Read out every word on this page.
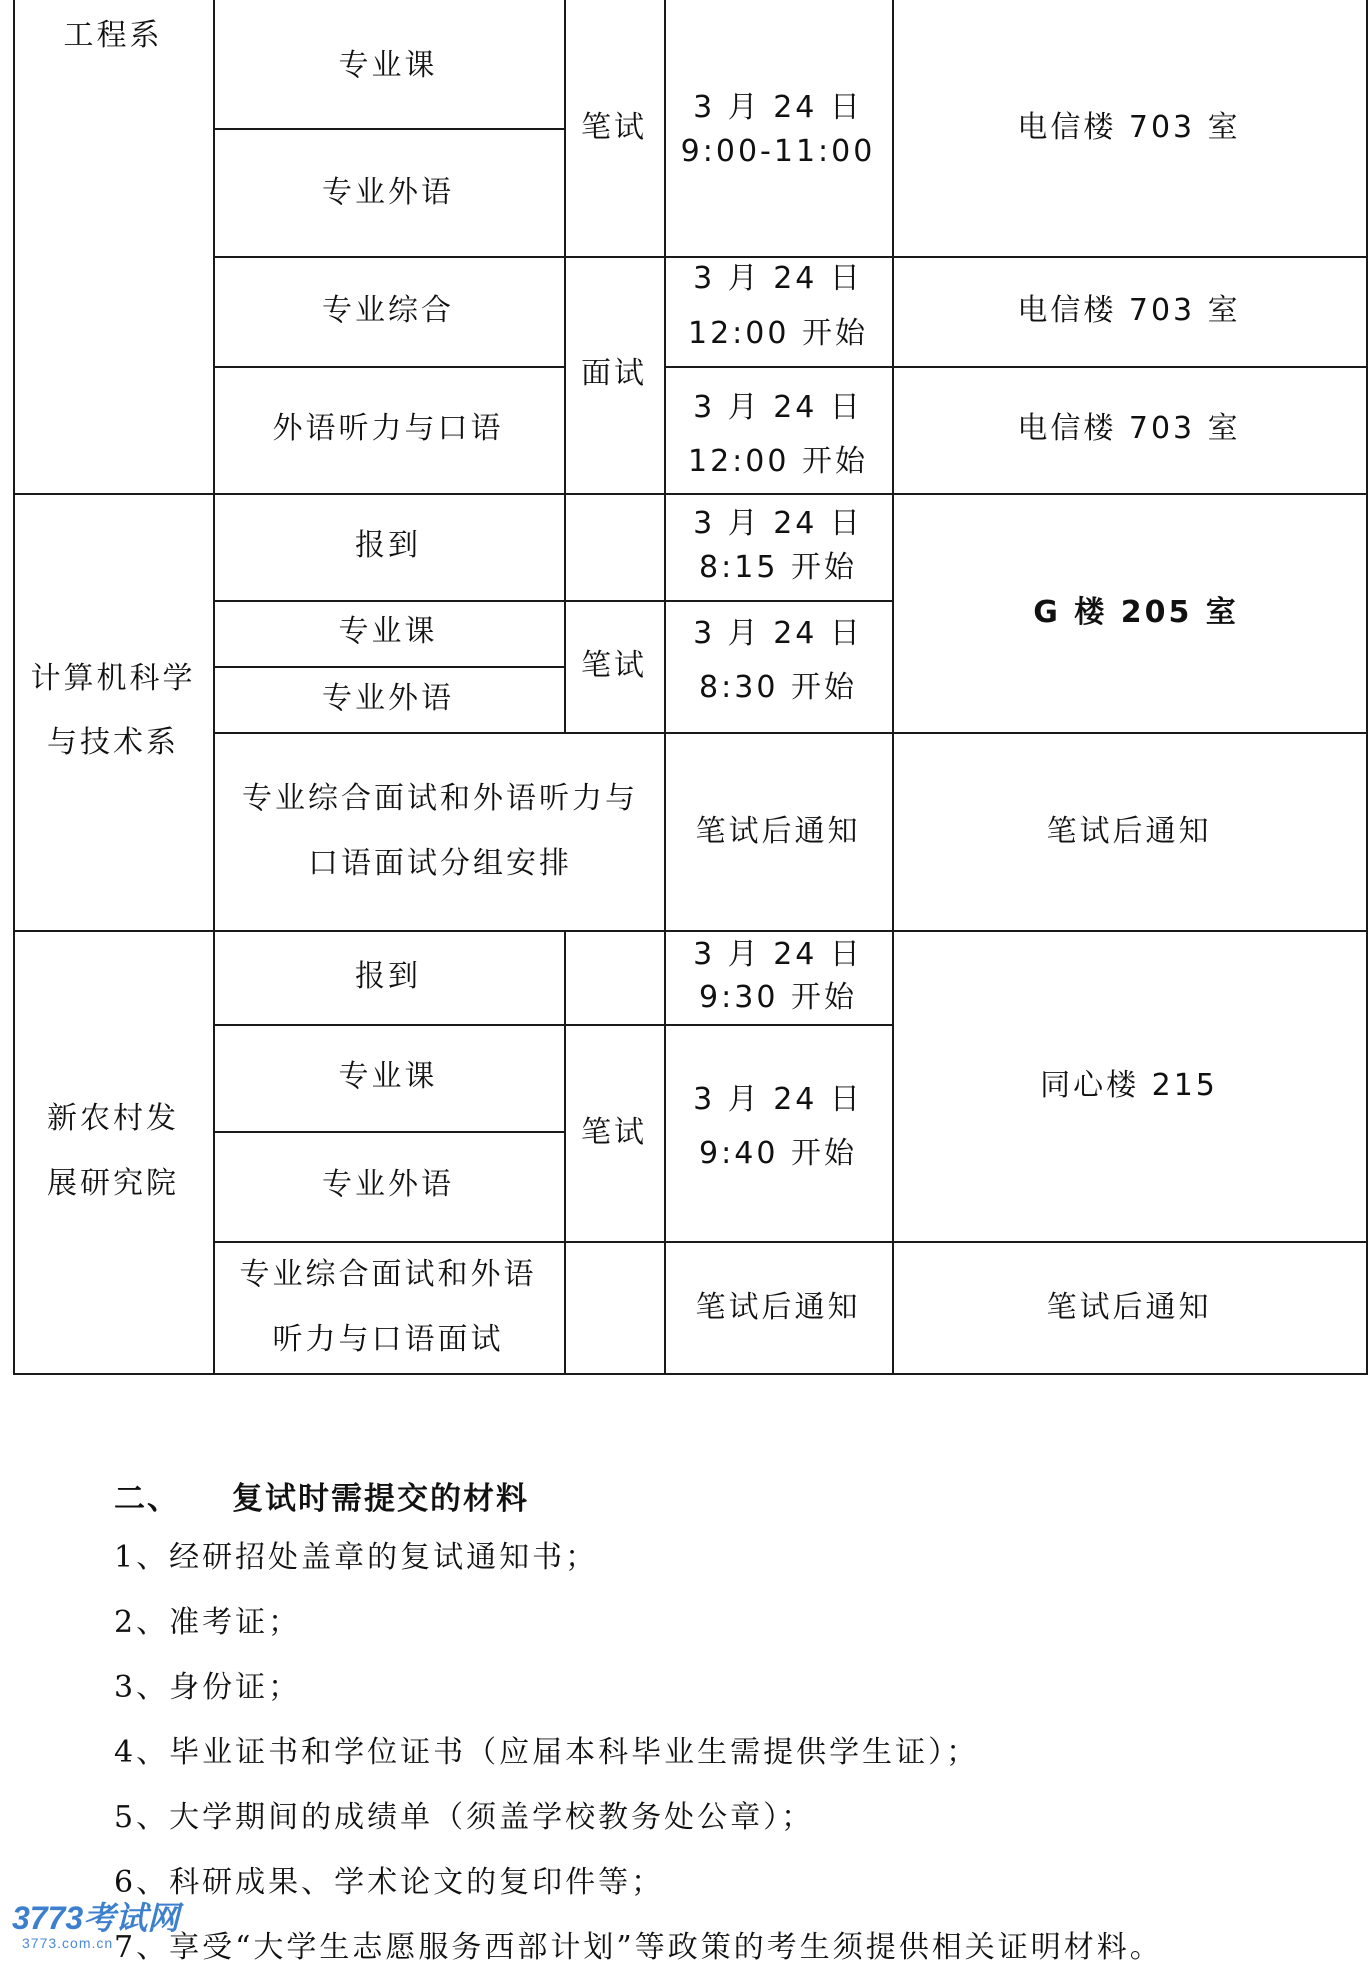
工程系
专业课
专业外语
笔试
3 月 24 日
9:00-11:00
电信楼 703 室
专业综合
外语听力与口语
面试
3 月 24 日
12:00 开始
电信楼 703 室
3 月 24 日
12:00 开始
电信楼 703 室
计算机科学
与技术系
报到
3 月 24 日
8:15 开始
专业课
专业外语
笔试
3 月 24 日
8:30 开始
G 楼 205 室
专业综合面试和外语听力与
口语面试分组安排
笔试后通知	笔试后通知
新农村发
展研究院
报到
3 月 24 日
9:30 开始
专业课
专业外语
笔试
3 月 24 日
9:40 开始
同心楼 215
专业综合面试和外语
听力与口语面试
笔试后通知	笔试后通知
二、 复试时需提交的材料
1、经研招处盖章的复试通知书；
2、准考证；
3、身份证；
4、毕业证书和学位证书（应届本科毕业生需提供学生证）；
5、大学期间的成绩单（须盖学校教务处公章）；
6、科研成果、学术论文的复印件等；
7、享受“大学生志愿服务西部计划”等政策的考生须提供相关证明材料。
3773考试网
3773.com.cn
